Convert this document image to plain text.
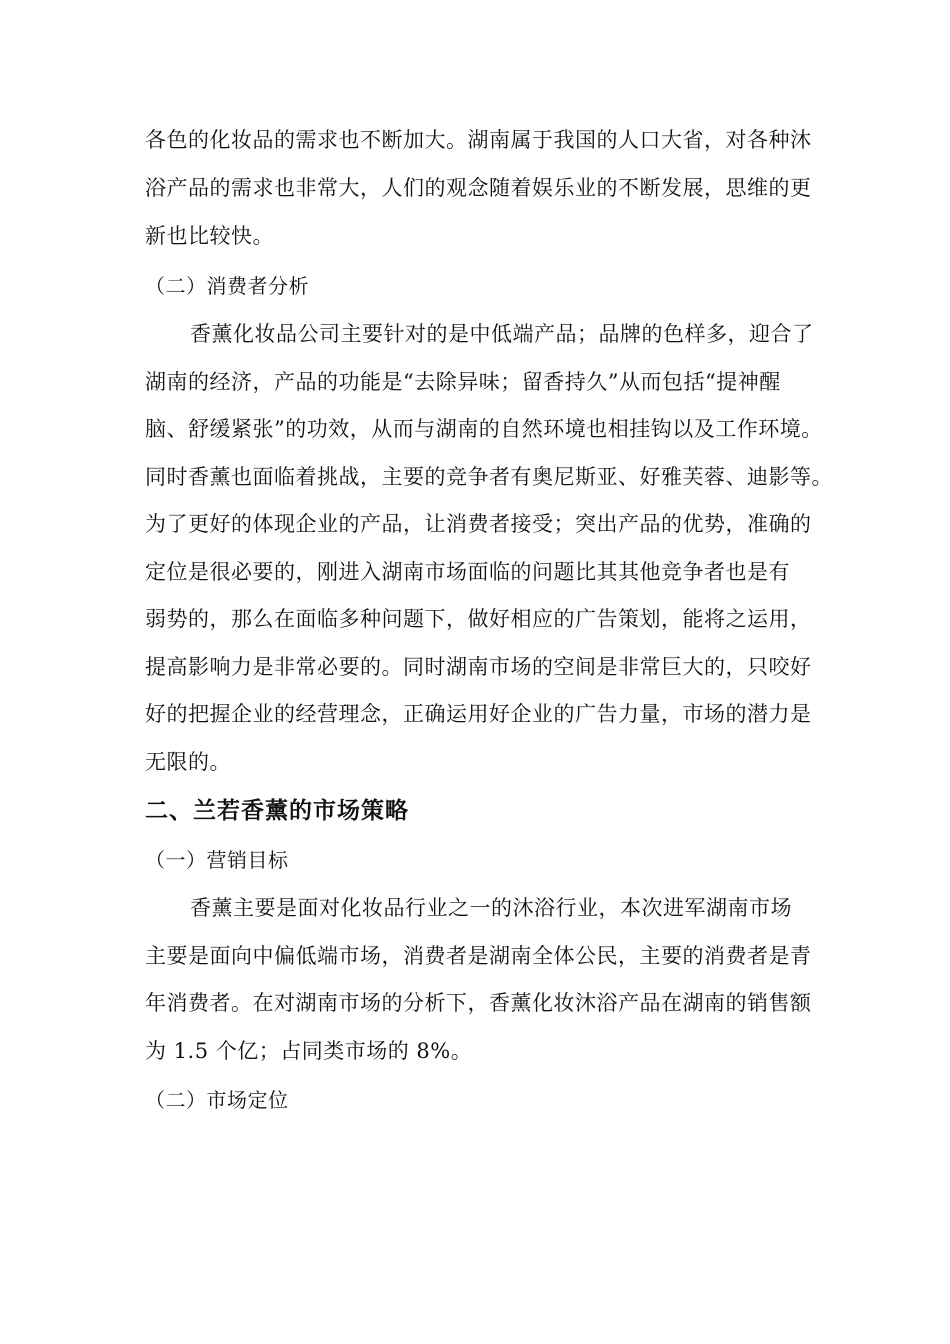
各色的化妆品的需求也不断加大。湖南属于我国的人口大省，对各种沐
浴产品的需求也非常大，人们的观念随着娱乐业的不断发展，思维的更
新也比较快。
（二）消费者分析
香薰化妆品公司主要针对的是中低端产品；品牌的色样多，迎合了
湖南的经济，产品的功能是“去除异味；留香持久”从而包括“提神醒
脑、舒缓紧张”的功效，从而与湖南的自然环境也相挂钩以及工作环境。
同时香薰也面临着挑战，主要的竞争者有奥尼斯亚、好雅芙蓉、迪影等。
为了更好的体现企业的产品，让消费者接受；突出产品的优势，准确的
定位是很必要的，刚进入湖南市场面临的问题比其其他竞争者也是有
弱势的，那么在面临多种问题下，做好相应的广告策划，能将之运用，
提高影响力是非常必要的。同时湖南市场的空间是非常巨大的，只咬好
好的把握企业的经营理念，正确运用好企业的广告力量，市场的潜力是
无限的。
二、兰若香薰的市场策略
（一）营销目标
香薰主要是面对化妆品行业之一的沐浴行业，本次进军湖南市场
主要是面向中偏低端市场，消费者是湖南全体公民，主要的消费者是青
年消费者。在对湖南市场的分析下，香薰化妆沐浴产品在湖南的销售额
为 1.5 个亿；占同类市场的 8%。
（二）市场定位
